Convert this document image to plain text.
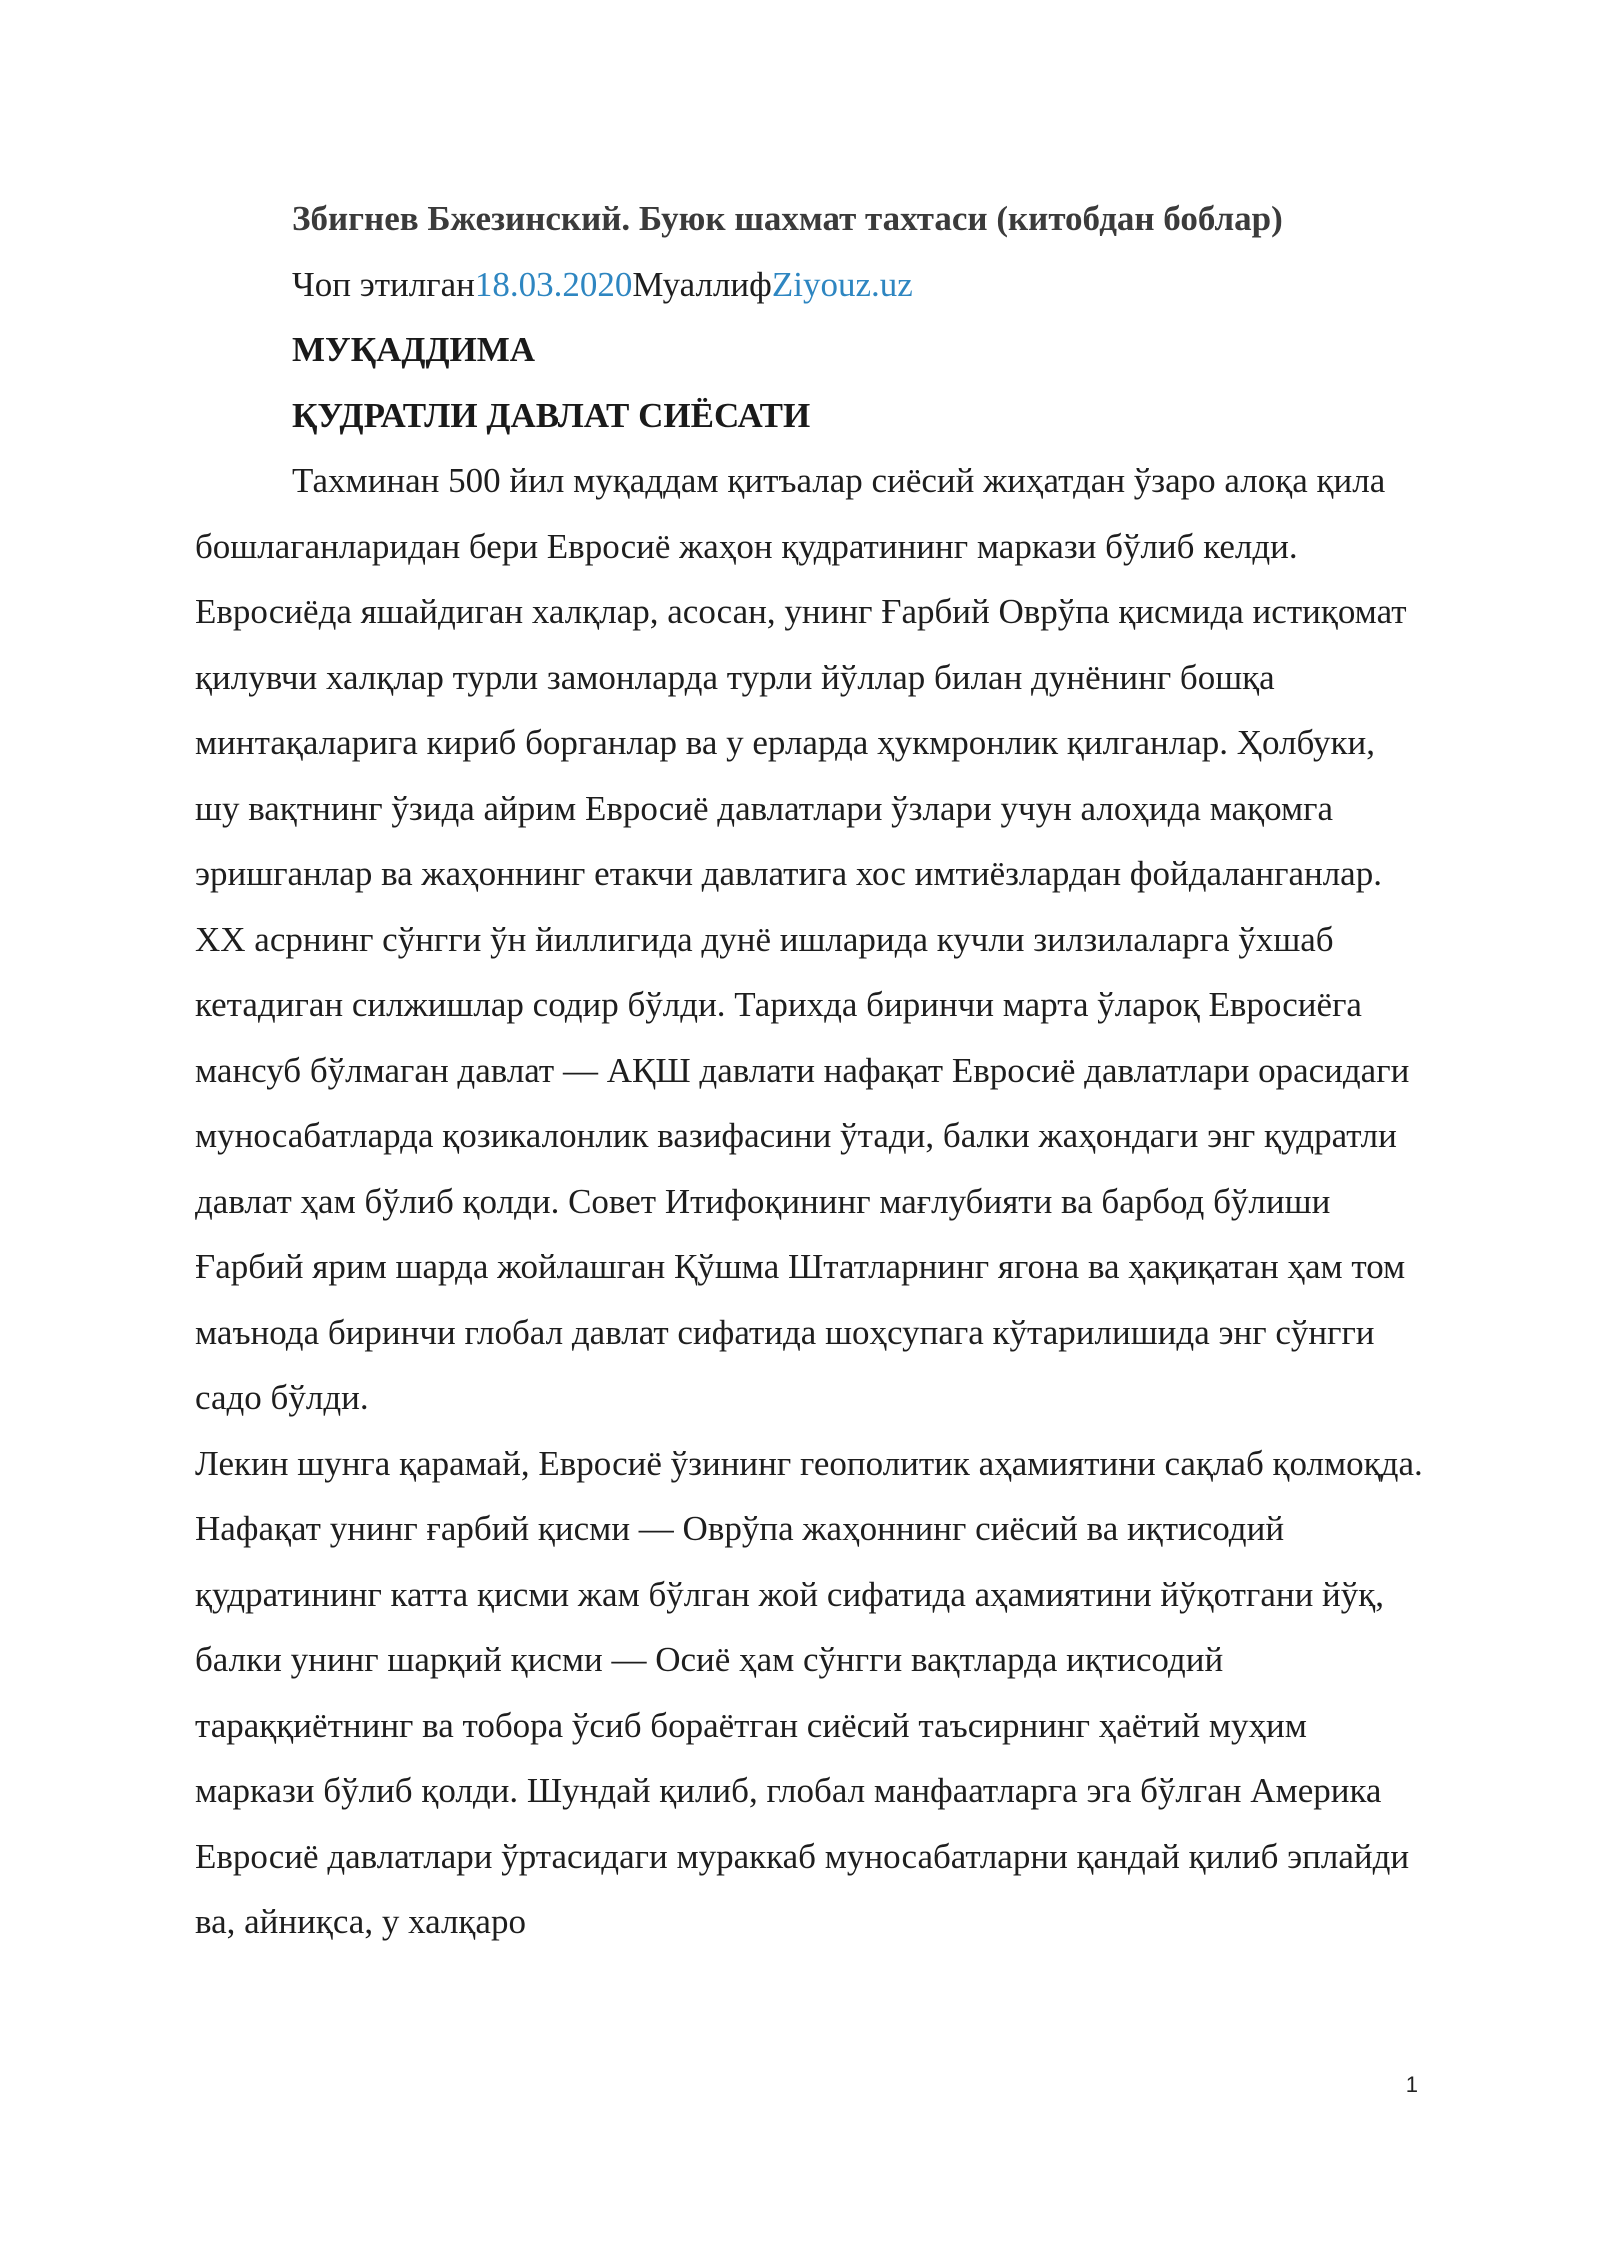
Збигнев Бжезинский. Буюк шахмат тахтаси (китобдан боблар)

Чоп этилган18.03.2020МуаллифZiyouz.uz

МУҚАДДИМА

ҚУДРАТЛИ ДАВЛАТ СИЁСАТИ

Тахминан 500 йил муқаддам қитъалар сиёсий жиҳатдан ўзаро алоқа қила бошлаганларидан бери Евросиё жаҳон қудратининг маркази бўлиб келди. Евросиёда яшайдиган халқлар, асосан, унинг Ғарбий Оврўпа қисмида истиқомат қилувчи халқлар турли замонларда турли йўллар билан дунёнинг бошқа минтақаларига кириб борганлар ва у ерларда ҳукмронлик қилганлар. Ҳолбуки, шу вақтнинг ўзида айрим Евросиё давлатлари ўзлари учун алоҳида мақомга эришганлар ва жаҳоннинг етакчи давлатига хос имтиёзлардан фойдаланганлар.

XX асрнинг сўнгги ўн йиллигида дунё ишларида кучли зилзилаларга ўхшаб кетадиган силжишлар содир бўлди. Тарихда биринчи марта ўлароқ Евросиёга мансуб бўлмаган давлат — АҚШ давлати нафақат Евросиё давлатлари орасидаги муносабатларда қозикалонлик вазифасини ўтади, балки жаҳондаги энг қудратли давлат ҳам бўлиб қолди. Совет Итифоқининг мағлубияти ва барбод бўлиши Ғарбий ярим шарда жойлашган Қўшма Штатларнинг ягона ва ҳақиқатан ҳам том маънода биринчи глобал давлат сифатида шоҳсупага кўтарилишида энг сўнгги садо бўлди.

Лекин шунга қарамай, Евросиё ўзининг геополитик аҳамиятини сақлаб қолмоқда. Нафақат унинг ғарбий қисми — Оврўпа жаҳоннинг сиёсий ва иқтисодий қудратининг катта қисми жам бўлган жой сифатида аҳамиятини йўқотгани йўқ, балки унинг шарқий қисми — Осиё ҳам сўнгги вақтларда иқтисодий тараққиётнинг ва тобора ўсиб бораётган сиёсий таъсирнинг ҳаётий муҳим маркази бўлиб қолди. Шундай қилиб, глобал манфаатларга эга бўлган Америка Евросиё давлатлари ўртасидаги мураккаб муносабатларни қандай қилиб эплайди ва, айниқса, у халқаро

1
